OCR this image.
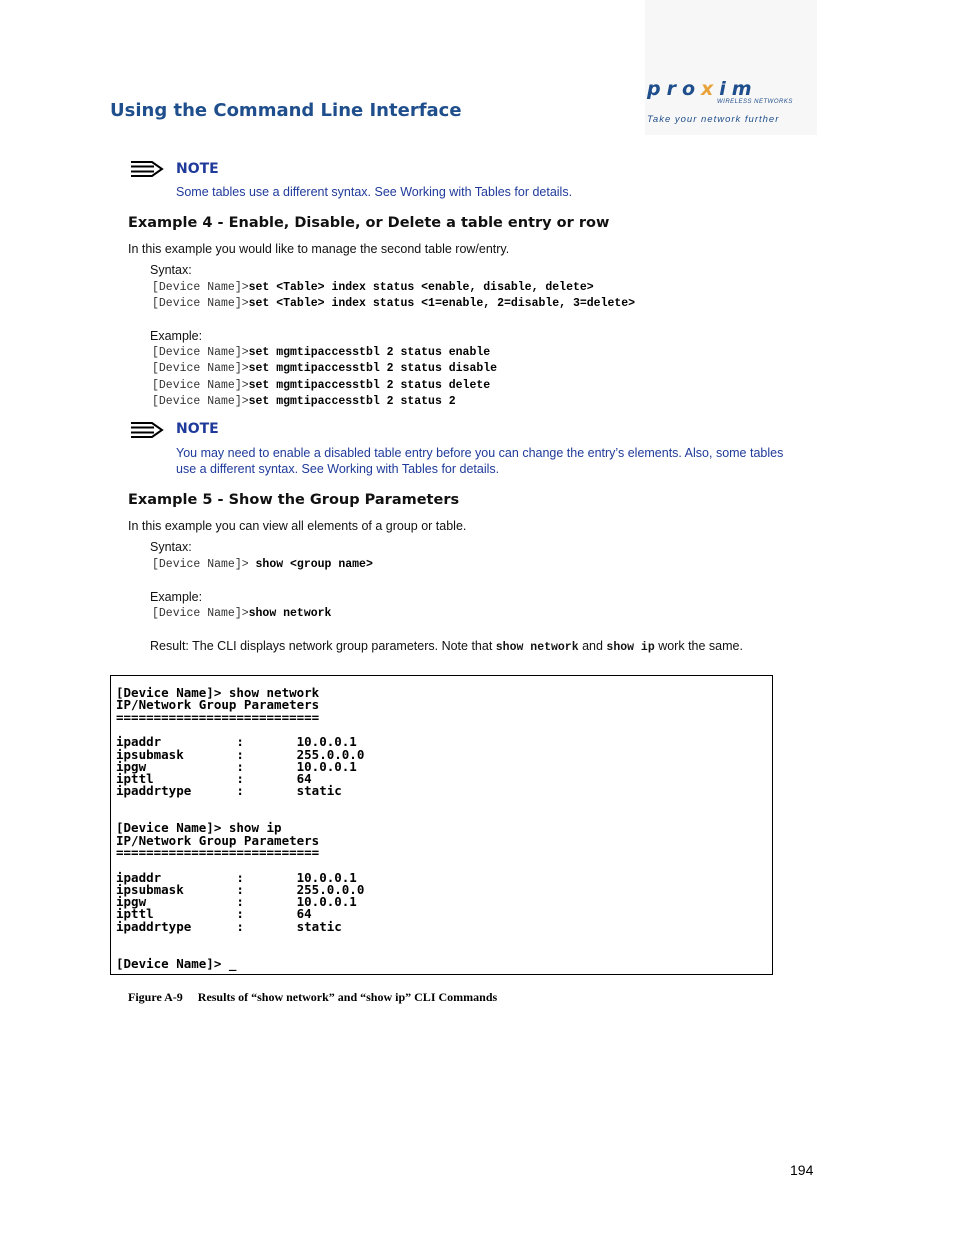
Using the Command Line Interface
proxim
WIRELESS NETWORKS
Take your network further
NOTE
Some tables use a different syntax. See Working with Tables for details.
Example 4 - Enable, Disable, or Delete a table entry or row
In this example you would like to manage the second table row/entry.
Syntax:
[Device Name]>set <Table> index status <enable, disable, delete>
[Device Name]>set <Table> index status <1=enable, 2=disable, 3=delete>
Example:
[Device Name]>set mgmtipaccesstbl 2 status enable
[Device Name]>set mgmtipaccesstbl 2 status disable
[Device Name]>set mgmtipaccesstbl 2 status delete
[Device Name]>set mgmtipaccesstbl 2 status 2
NOTE
You may need to enable a disabled table entry before you can change the entry’s elements. Also, some tables
use a different syntax. See Working with Tables for details.
Example 5 - Show the Group Parameters
In this example you can view all elements of a group or table.
Syntax:
[Device Name]> show <group name>
Example:
[Device Name]>show network
Result: The CLI displays network group parameters. Note that show network and show ip work the same.
[Device Name]> show network
IP/Network Group Parameters
===========================
ipaddr          :       10.0.0.1
ipsubmask       :       255.0.0.0
ipgw            :       10.0.0.1
ipttl           :       64
ipaddrtype      :       static
[Device Name]> show ip
IP/Network Group Parameters
===========================
ipaddr          :       10.0.0.1
ipsubmask       :       255.0.0.0
ipgw            :       10.0.0.1
ipttl           :       64
ipaddrtype      :       static
[Device Name]> _
Figure A-9     Results of “show network” and “show ip” CLI Commands
194
